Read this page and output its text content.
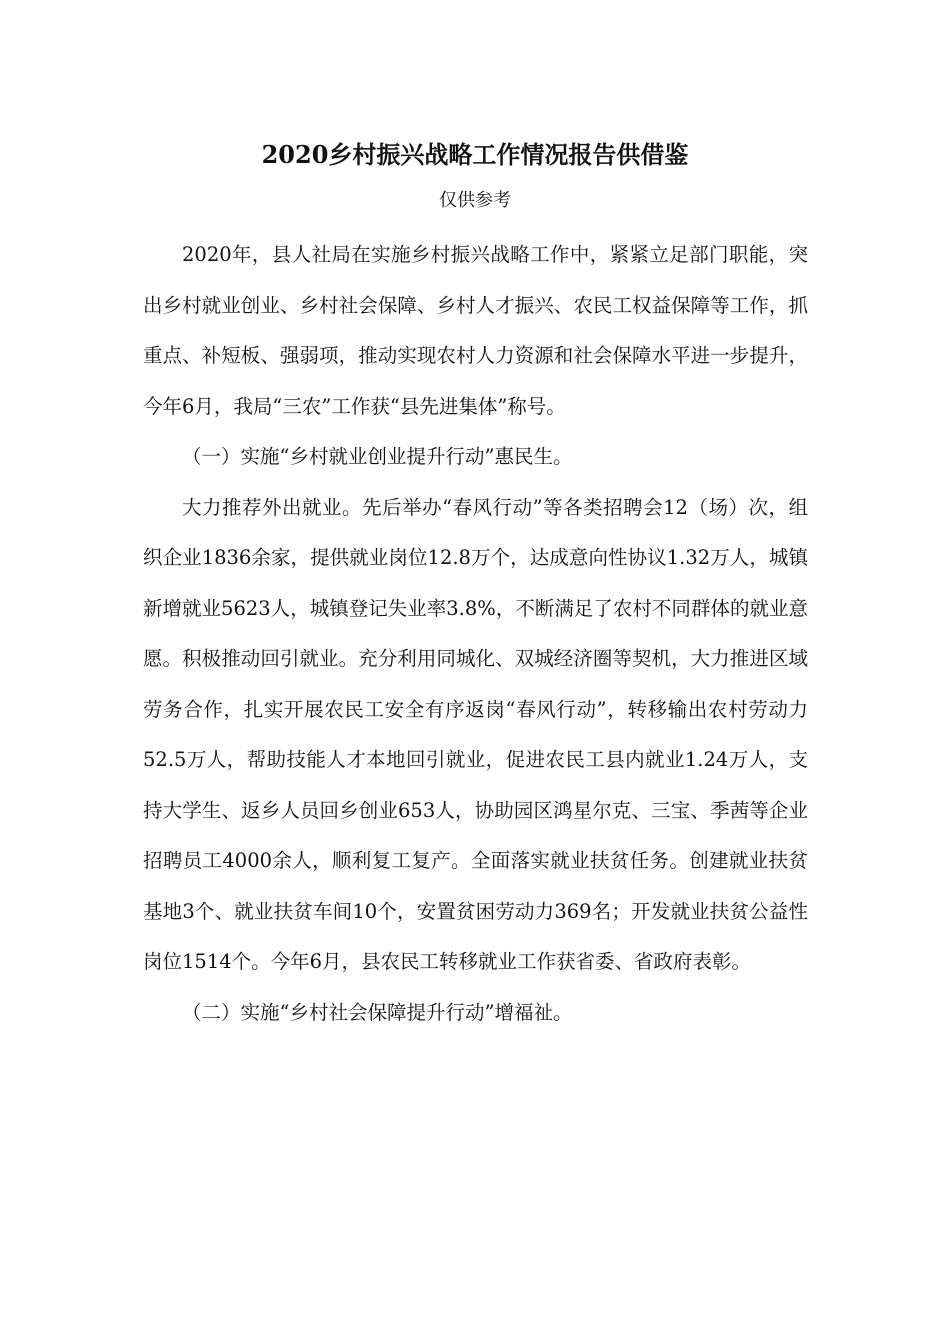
2020乡村振兴战略工作情况报告供借鉴
仅供参考

2020年，县人社局在实施乡村振兴战略工作中，紧紧立足部门职能，突出乡村就业创业、乡村社会保障、乡村人才振兴、农民工权益保障等工作，抓重点、补短板、强弱项，推动实现农村人力资源和社会保障水平进一步提升，今年6月，我局“三农”工作获“县先进集体”称号。

（一）实施“乡村就业创业提升行动”惠民生。

大力推荐外出就业。先后举办“春风行动”等各类招聘会12（场）次，组织企业1836余家，提供就业岗位12.8万个，达成意向性协议1.32万人，城镇新增就业5623人，城镇登记失业率3.8%，不断满足了农村不同群体的就业意愿。积极推动回引就业。充分利用同城化、双城经济圈等契机，大力推进区域劳务合作，扎实开展农民工安全有序返岗“春风行动”，转移输出农村劳动力52.5万人，帮助技能人才本地回引就业，促进农民工县内就业1.24万人，支持大学生、返乡人员回乡创业653人，协助园区鸿星尔克、三宝、季茜等企业招聘员工4000余人，顺利复工复产。全面落实就业扶贫任务。创建就业扶贫基地3个、就业扶贫车间10个，安置贫困劳动力369名；开发就业扶贫公益性岗位1514个。今年6月，县农民工转移就业工作获省委、省政府表彰。

（二）实施“乡村社会保障提升行动”增福祉。
